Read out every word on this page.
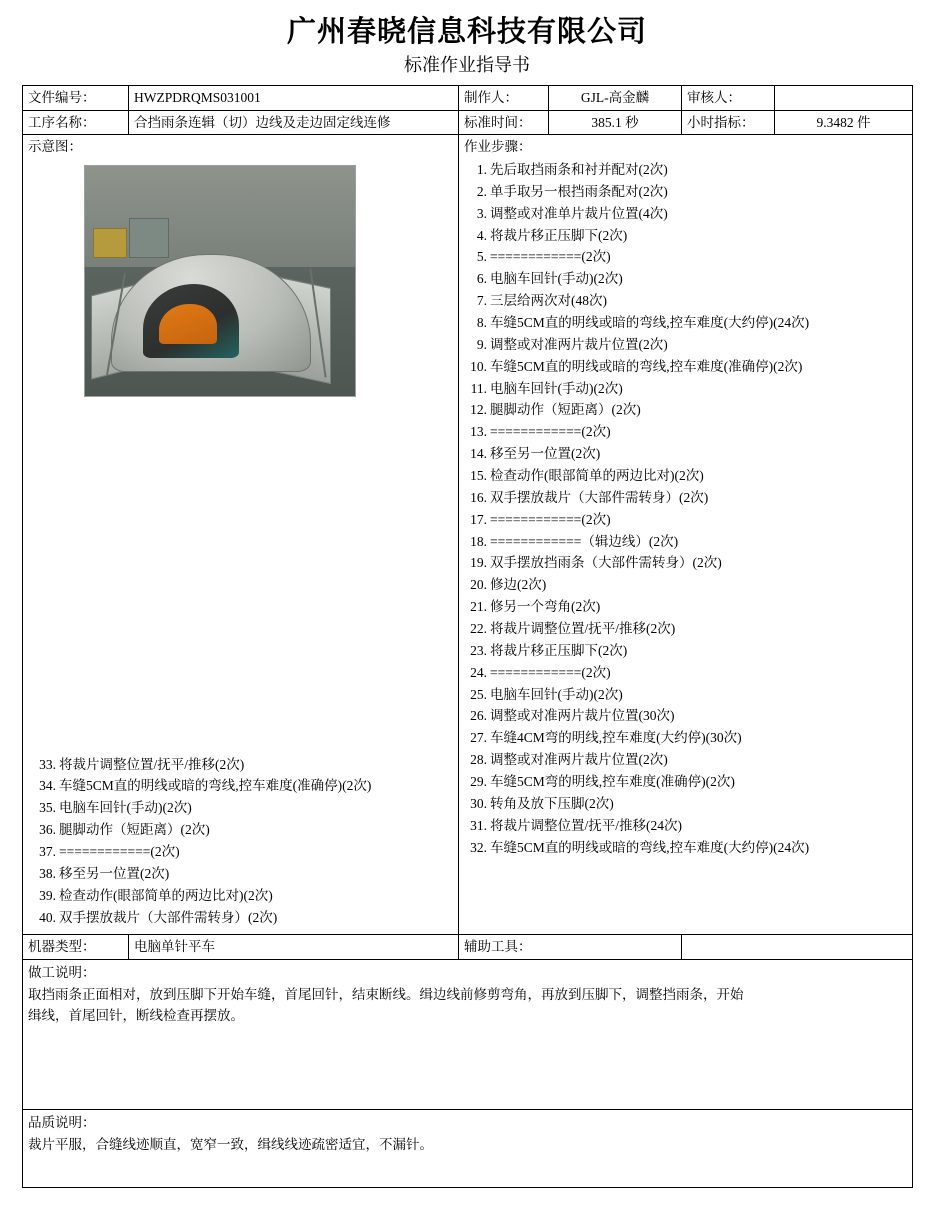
广州春晓信息科技有限公司
标准作业指导书
文件编号：	HWZPDRQMS031001	制作人：	GJL-高金麟	审核人：	
工序名称：	合挡雨条连辑（切）边线及走边固定线连修	标准时间：	385.1 秒	小时指标：	9.3482 件

示意图：
33. 将裁片调整位置/抚平/推移(2次)
34. 车缝5CM直的明线或暗的弯线,控车难度(准确停)(2次)
35. 电脑车回针(手动)(2次)
36. 腿脚动作（短距离）(2次)
37. ============(2次)
38. 移至另一位置(2次)
39. 检查动作(眼部简单的两边比对)(2次)
40. 双手摆放裁片（大部件需转身）(2次)

作业步骤：
1. 先后取挡雨条和衬并配对(2次)
2. 单手取另一根挡雨条配对(2次)
3. 调整或对准单片裁片位置(4次)
4. 将裁片移正压脚下(2次)
5. ============(2次)
6. 电脑车回针(手动)(2次)
7. 三层给两次对(48次)
8. 车缝5CM直的明线或暗的弯线,控车难度(大约停)(24次)
9. 调整或对准两片裁片位置(2次)
10. 车缝5CM直的明线或暗的弯线,控车难度(准确停)(2次)
11. 电脑车回针(手动)(2次)
12. 腿脚动作（短距离）(2次)
13. ============(2次)
14. 移至另一位置(2次)
15. 检查动作(眼部简单的两边比对)(2次)
16. 双手摆放裁片（大部件需转身）(2次)
17. ============(2次)
18. ============（辑边线）(2次)
19. 双手摆放挡雨条（大部件需转身）(2次)
20. 修边(2次)
21. 修另一个弯角(2次)
22. 将裁片调整位置/抚平/推移(2次)
23. 将裁片移正压脚下(2次)
24. ============(2次)
25. 电脑车回针(手动)(2次)
26. 调整或对准两片裁片位置(30次)
27. 车缝4CM弯的明线,控车难度(大约停)(30次)
28. 调整或对准两片裁片位置(2次)
29. 车缝5CM弯的明线,控车难度(准确停)(2次)
30. 转角及放下压脚(2次)
31. 将裁片调整位置/抚平/推移(24次)
32. 车缝5CM直的明线或暗的弯线,控车难度(大约停)(24次)

机器类型：	电脑单针平车	辅助工具：			

做工说明：
取挡雨条正面相对，放到压脚下开始车缝，首尾回针，结束断线。缉边线前修剪弯角，再放到压脚下，调整挡雨条，开始
缉线，首尾回针，断线检查再摆放。					

品质说明：
裁片平服，合缝线迹顺直，宽窄一致，缉线线迹疏密适宜，不漏针。					
